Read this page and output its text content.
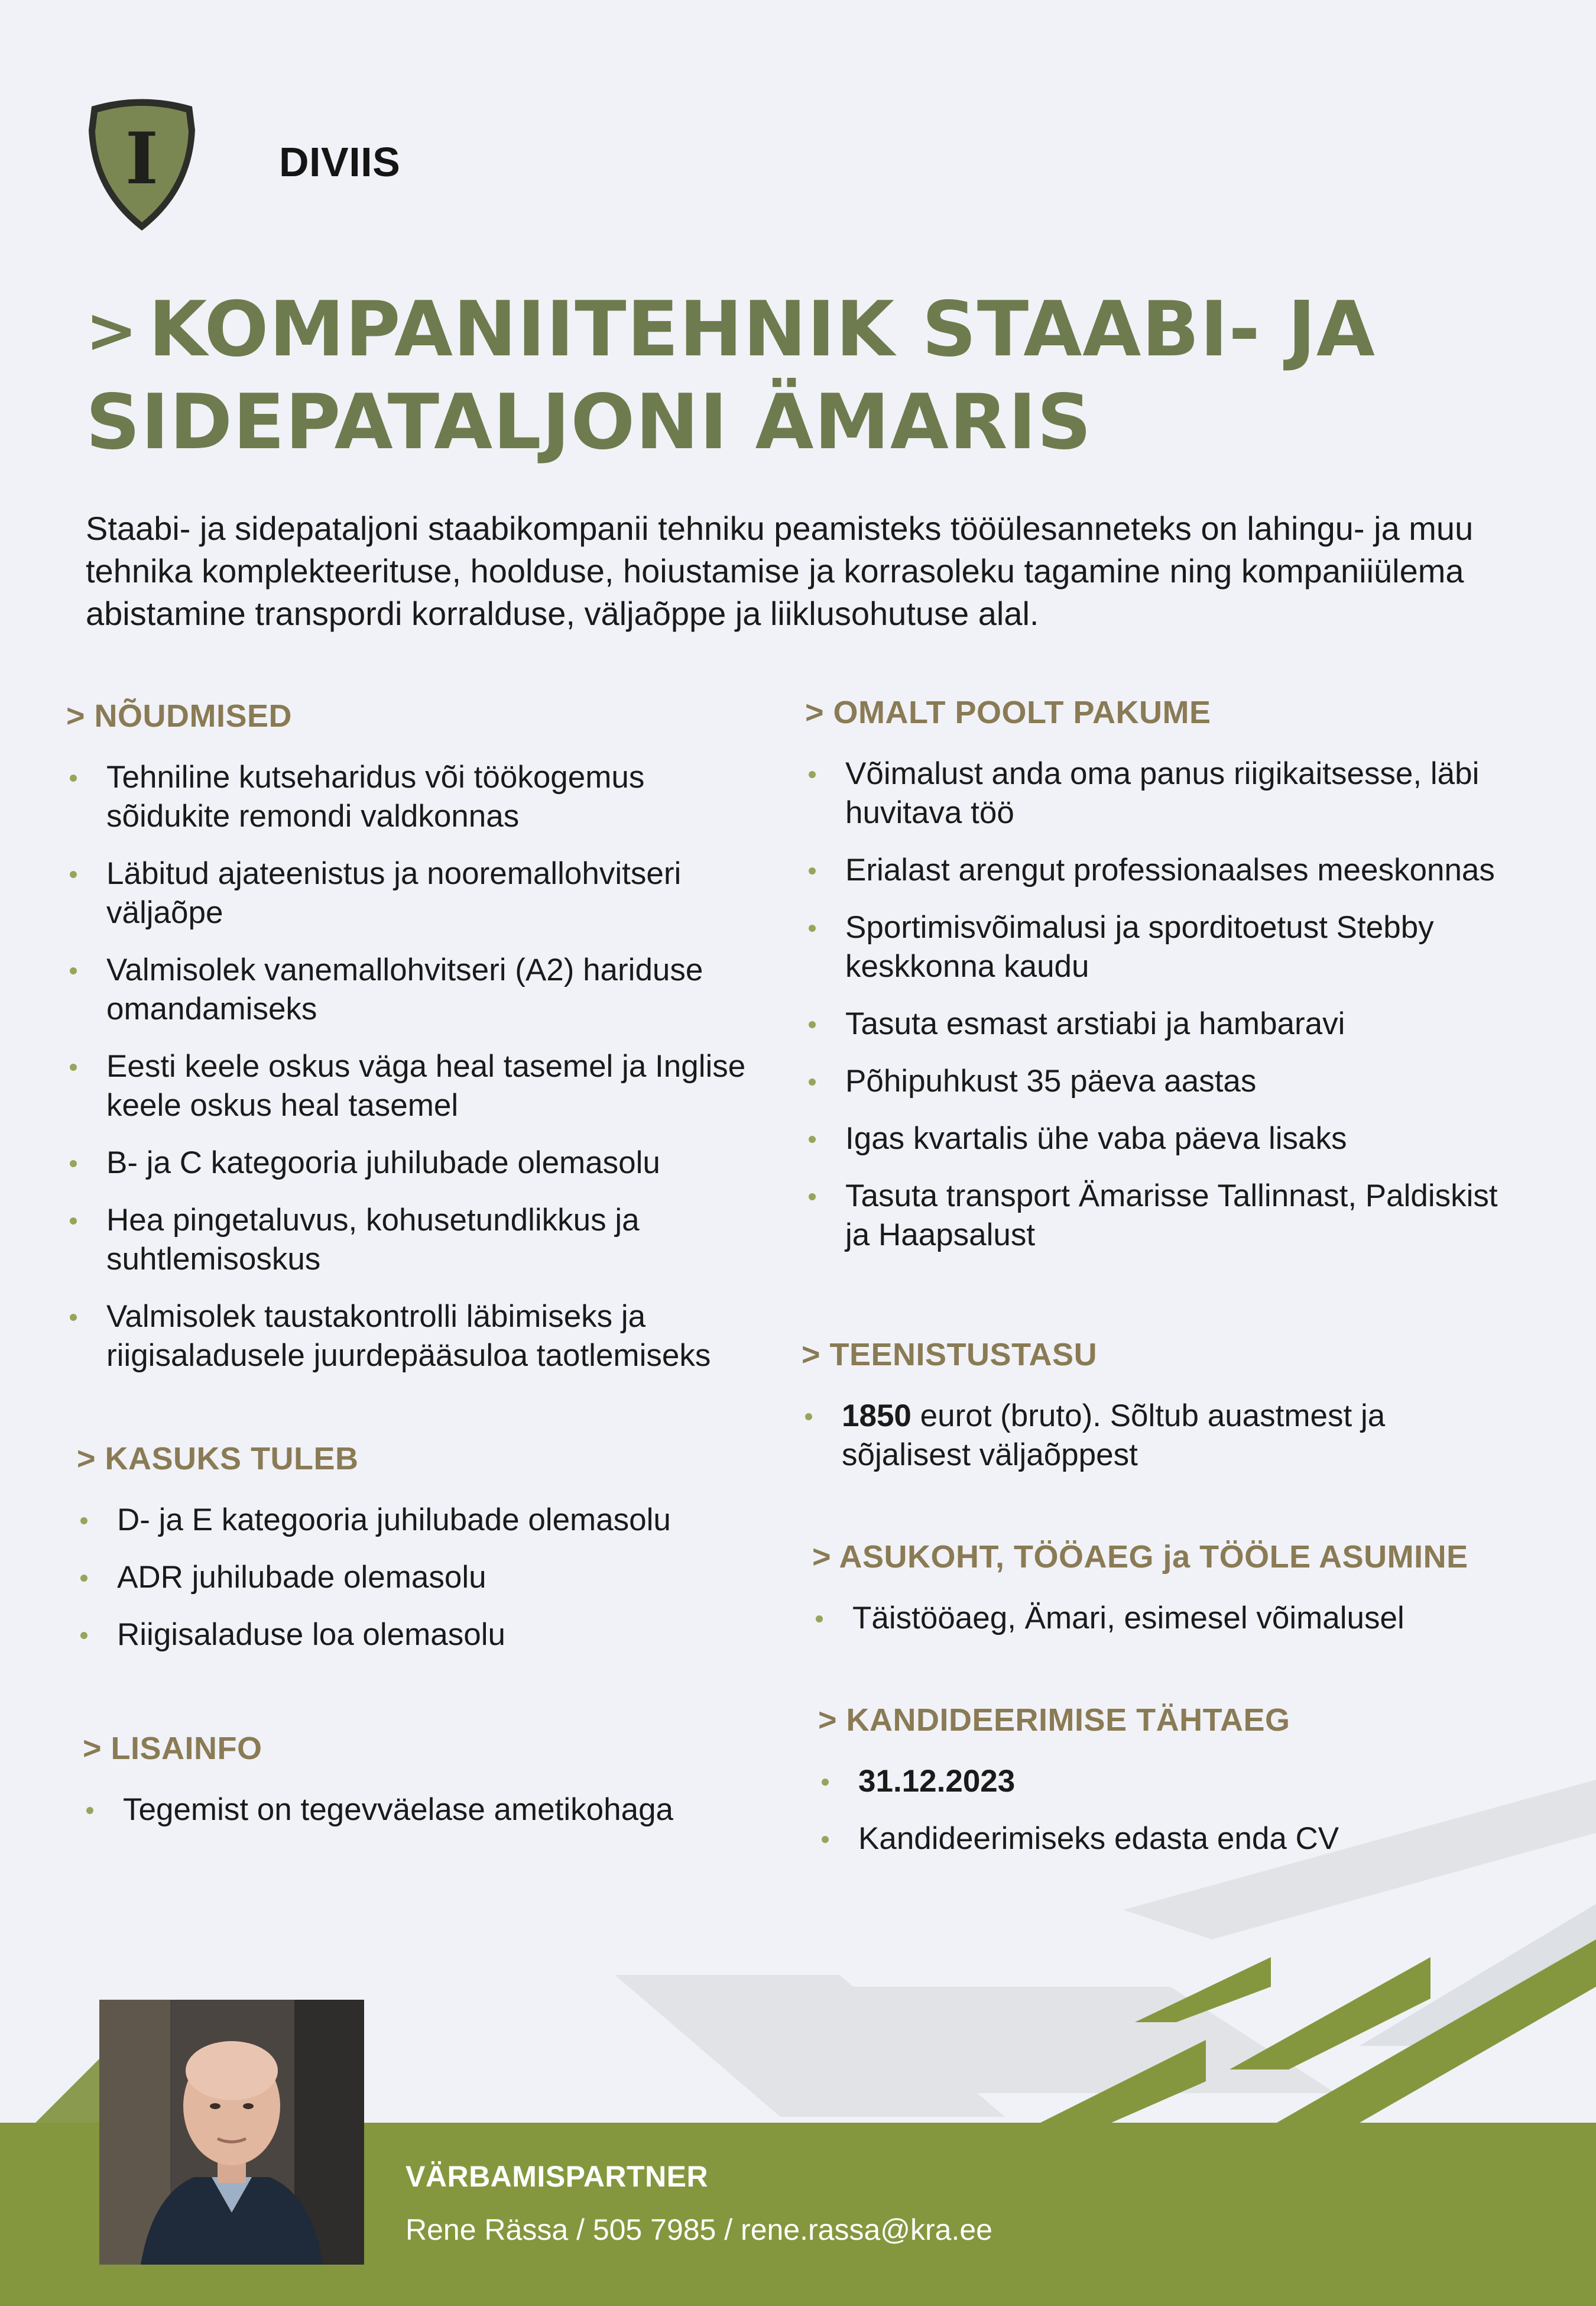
I	DIVIIS
> KOMPANIITEHNIK STAABI- JA
SIDEPATALJONI ÄMARIS
Staabi- ja sidepataljoni staabikompanii tehniku peamisteks tööülesanneteks on lahingu- ja muu tehnika komplekteerituse, hoolduse, hoiustamise ja korrasoleku tagamine ning kompaniiülema abistamine transpordi korralduse, väljaõppe ja liiklusohutuse alal.
> NÕUDMISED
Tehniline kutseharidus või töökogemus sõidukite remondi valdkonnas
Läbitud ajateenistus ja nooremallohvitseri väljaõpe
Valmisolek vanemallohvitseri (A2) hariduse omandamiseks
Eesti keele oskus väga heal tasemel ja Inglise keele oskus heal tasemel
B- ja C kategooria juhilubade olemasolu
Hea pingetaluvus, kohusetundlikkus ja suhtlemisoskus
Valmisolek taustakontrolli läbimiseks ja riigisaladusele juurdepääsuloa taotlemiseks
> KASUKS TULEB
D- ja E kategooria juhilubade olemasolu
ADR juhilubade olemasolu
Riigisaladuse loa olemasolu
> LISAINFO
Tegemist on tegevväelase ametikohaga
> OMALT POOLT PAKUME
Võimalust anda oma panus riigikaitsesse, läbi huvitava töö
Erialast arengut professionaalses meeskonnas
Sportimisvõimalusi ja sporditoetust Stebby keskkonna kaudu
Tasuta esmast arstiabi ja hambaravi
Põhipuhkust 35 päeva aastas
Igas kvartalis ühe vaba päeva lisaks
Tasuta transport Ämarisse Tallinnast, Paldiskist ja Haapsalust
> TEENISTUSTASU
1850 eurot (bruto). Sõltub auastmest ja sõjalisest väljaõppest
> ASUKOHT, TÖÖAEG ja TÖÖLE ASUMINE
Täistööaeg, Ämari, esimesel võimalusel
> KANDIDEERIMISE TÄHTAEG
31.12.2023
Kandideerimiseks edasta enda CV
VÄRBAMISPARTNER
Rene Rässa / 505 7985 / rene.rassa@kra.ee
